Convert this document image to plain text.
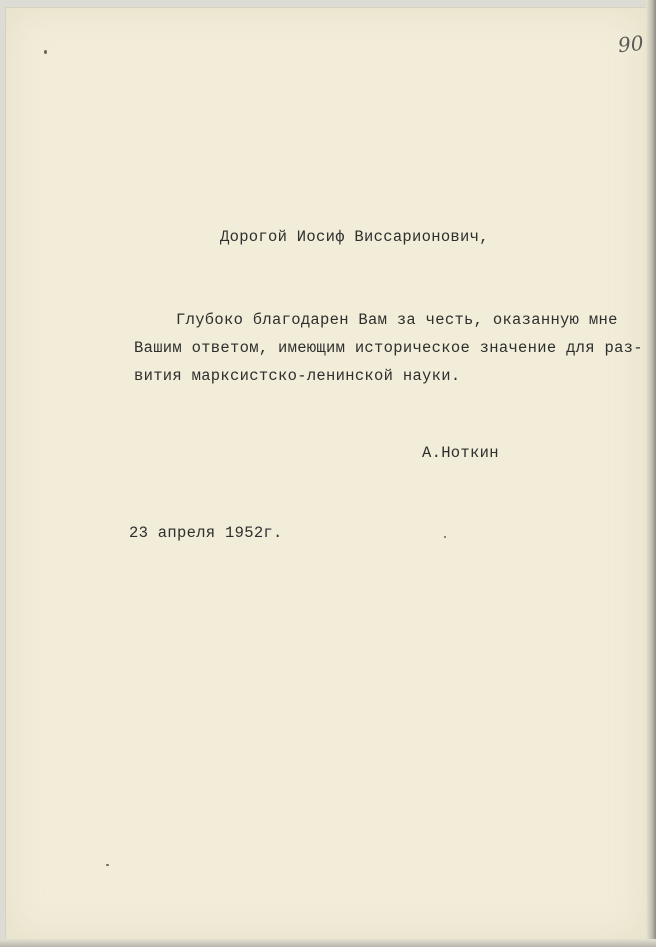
90
Дорогой Иосиф Виссарионович,
Глубоко благодарен Вам за честь, оказанную мне
Вашим ответом, имеющим историческое значение для раз-
вития марксистско-ленинской науки.
А.Ноткин
23 апреля 1952г.
